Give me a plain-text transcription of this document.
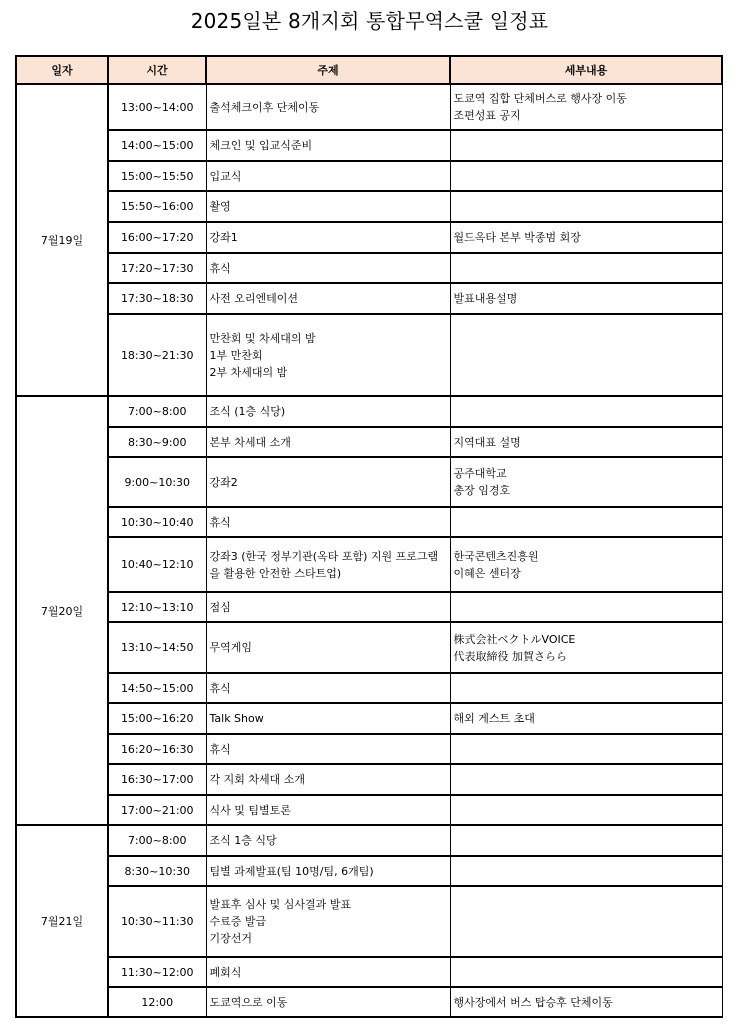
2025일본 8개지회 통합무역스쿨 일정표
일자	시간	주제	세부내용
7월19일	13:00~14:00	출석체크이후 단체이동	도쿄역 집합 단체버스로 행사장 이동
조편성표 공지
	14:00~15:00	체크인 및 입교식준비	
	15:00~15:50	입교식	
	15:50~16:00	촬영	
	16:00~17:20	강좌1	월드옥타 본부 박종범 회장
	17:20~17:30	휴식	
	17:30~18:30	사전 오리엔테이션	발표내용설명
	18:30~21:30	만찬회 및 차세대의 밤
1부 만찬회
2부 차세대의 밤	
7월20일	7:00~8:00	조식 (1층 식당)	
	8:30~9:00	본부 차세대 소개	지역대표 설명
	9:00~10:30	강좌2	공주대학교
총장 임경호
	10:30~10:40	휴식	
	10:40~12:10	강좌3 (한국 정부기관(옥타 포함) 지원 프로그램을 활용한 안전한 스타트업)	한국콘텐츠진흥원
이혜은 센터장
	12:10~13:10	점심	
	13:10~14:50	무역게임	株式会社ベクトルVOICE
代表取締役 加賀さらら
	14:50~15:00	휴식	
	15:00~16:20	Talk Show	해외 게스트 초대
	16:20~16:30	휴식	
	16:30~17:00	각 지회 차세대 소개	
	17:00~21:00	식사 및 팀별토론	
7월21일	7:00~8:00	조식 1층 식당	
	8:30~10:30	팀별 과제발표(팀 10명/팀, 6개팀)	
	10:30~11:30	발표후 심사 및 심사결과 발표
수료증 발급
기장선거	
	11:30~12:00	폐회식	
	12:00	도쿄역으로 이동	행사장에서 버스 탑승후 단체이동
